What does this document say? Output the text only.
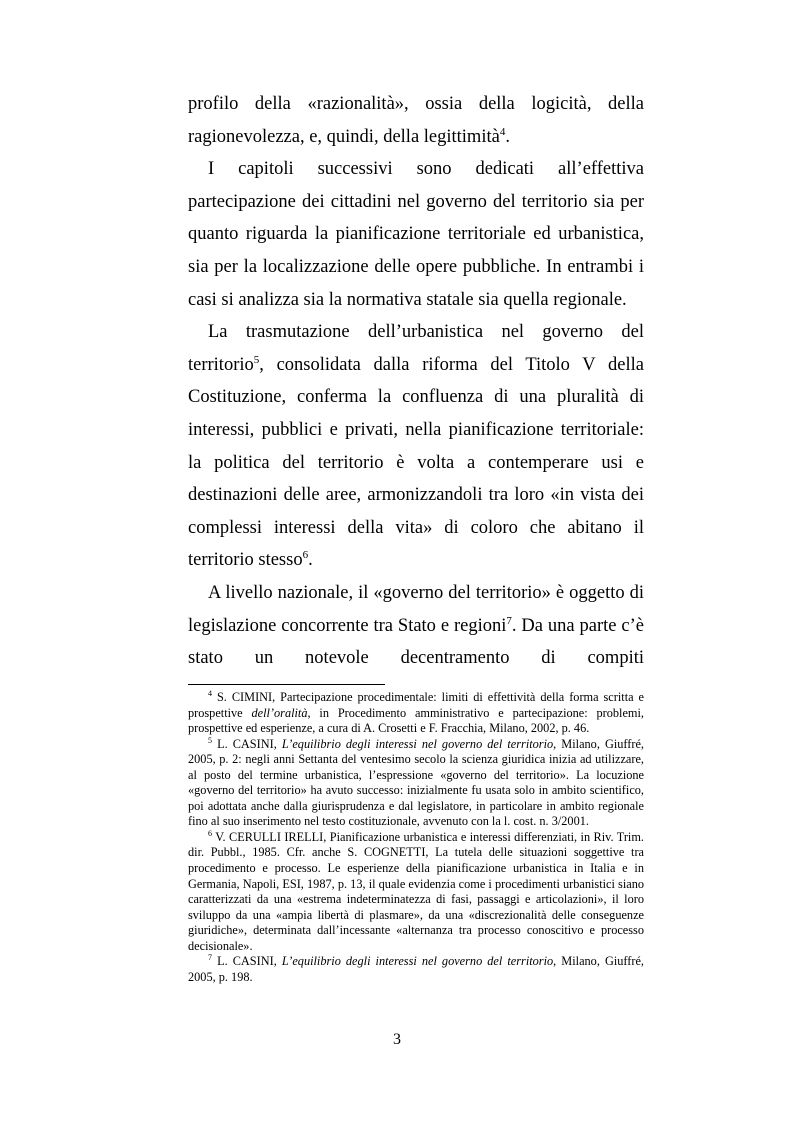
profilo della «razionalità», ossia della logicità, della ragionevolezza, e, quindi, della legittimità$^4$.

I capitoli successivi sono dedicati all’effettiva partecipazione dei cittadini nel governo del territorio sia per quanto riguarda la pianificazione territoriale ed urbanistica, sia per la localizzazione delle opere pubbliche. In entrambi i casi si analizza sia la normativa statale sia quella regionale.

La trasmutazione dell’urbanistica nel governo del territorio$^5$, consolidata dalla riforma del Titolo V della Costituzione, conferma la confluenza di una pluralità di interessi, pubblici e privati, nella pianificazione territoriale: la politica del territorio è volta a contemperare usi e destinazioni delle aree, armonizzandoli tra loro «in vista dei complessi interessi della vita» di coloro che abitano il territorio stesso$^6$.

A livello nazionale, il «governo del territorio» è oggetto di legislazione concorrente tra Stato e regioni$^7$. Da una parte c’è stato un notevole decentramento di compiti

$^4$ S. CIMINI, Partecipazione procedimentale: limiti di effettività della forma scritta e prospettive dell’oralità, in Procedimento amministrativo e partecipazione: problemi, prospettive ed esperienze, a cura di A. Crosetti e F. Fracchia, Milano, 2002, p. 46.

$^5$ L. CASINI, L’equilibrio degli interessi nel governo del territorio, Milano, Giuffré, 2005, p. 2: negli anni Settanta del ventesimo secolo la scienza giuridica inizia ad utilizzare, al posto del termine urbanistica, l’espressione «governo del territorio». La locuzione «governo del territorio» ha avuto successo: inizialmente fu usata solo in ambito scientifico, poi adottata anche dalla giurisprudenza e dal legislatore, in particolare in ambito regionale fino al suo inserimento nel testo costituzionale, avvenuto con la l. cost. n. 3/2001.

$^6$ V. CERULLI IRELLI, Pianificazione urbanistica e interessi differenziati, in Riv. Trim. dir. Pubbl., 1985. Cfr. anche S. COGNETTI, La tutela delle situazioni soggettive tra procedimento e processo. Le esperienze della pianificazione urbanistica in Italia e in Germania, Napoli, ESI, 1987, p. 13, il quale evidenzia come i procedimenti urbanistici siano caratterizzati da una «estrema indeterminatezza di fasi, passaggi e articolazioni», il loro sviluppo da una «ampia libertà di plasmare», da una «discrezionalità delle conseguenze giuridiche», determinata dall’incessante «alternanza tra processo conoscitivo e processo decisionale».

$^7$ L. CASINI, L’equilibrio degli interessi nel governo del territorio, Milano, Giuffré, 2005, p. 198.

3
